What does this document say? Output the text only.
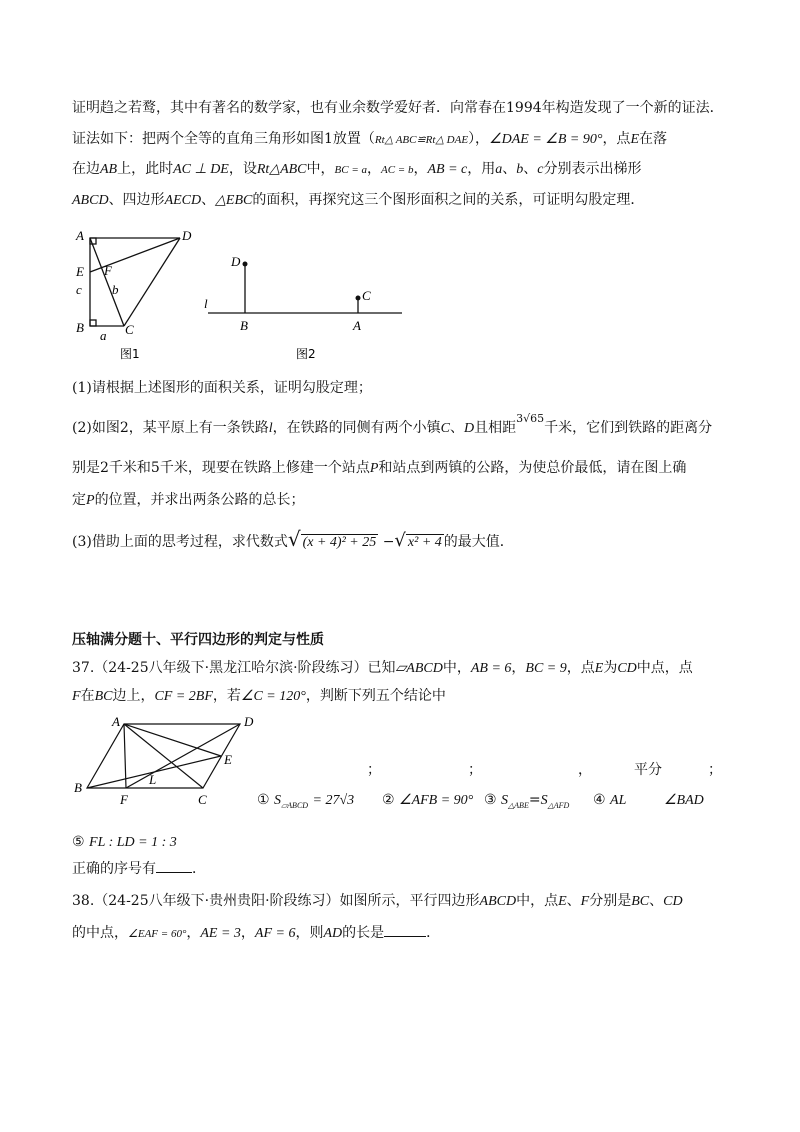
证明趋之若鹜，其中有著名的数学家，也有业余数学爱好者．向常春在1994年构造发现了一个新的证法．
证法如下：把两个全等的直角三角形如图1放置（Rt△ ABC≌Rt△ DAE），∠DAE = ∠B = 90°，点E在落
在边AB上，此时AC ⊥ DE，设Rt△ABC中，BC = a，AC = b，AB = c，用a、b、c分别表示出梯形
ABCD、四边形AECD、△EBC的面积，再探究这三个图形面积之间的关系，可证明勾股定理．
A	D
E F
c b
B	C
a
图1
D
C
l
B	A
图2
(1)请根据上述图形的面积关系，证明勾股定理；
(2)如图2，某平原上有一条铁路l，在铁路的同侧有两个小镇C、D且相距$^{3√65}$千米，它们到铁路的距离分
别是2千米和5千米，现要在铁路上修建一个站点P和站点到两镇的公路，为使总价最低，请在图上确
定P的位置，并求出两条公路的总长；
(3)借助上面的思考过程，求代数式√ (x + 4)² + 25 −√ x² + 4 的最大值．
压轴满分题十、平行四边形的判定与性质
37.（24-25八年级下·黑龙江哈尔滨·阶段练习）已知▱ABCD中，AB = 6，BC = 9，点E为CD中点，点
F在BC边上，CF = 2BF，若∠C = 120°，判断下列五个结论中
A	D
E
L
B
F	C
；	；	，	平分	；
① $S_{▱ABCD} = 27√3$ ② ∠AFB = 90° ③ $S_{\triangle ABE}=S_{\triangle AFD}$ ④ AL	∠BAD
⑤ FL : LD = 1 : 3
正确的序号有	．
38.（24-25八年级下·贵州贵阳·阶段练习）如图所示，平行四边形ABCD中，点E、F分别是BC、CD
的中点，∠EAF = 60°，AE = 3，AF = 6，则AD的长是	．
